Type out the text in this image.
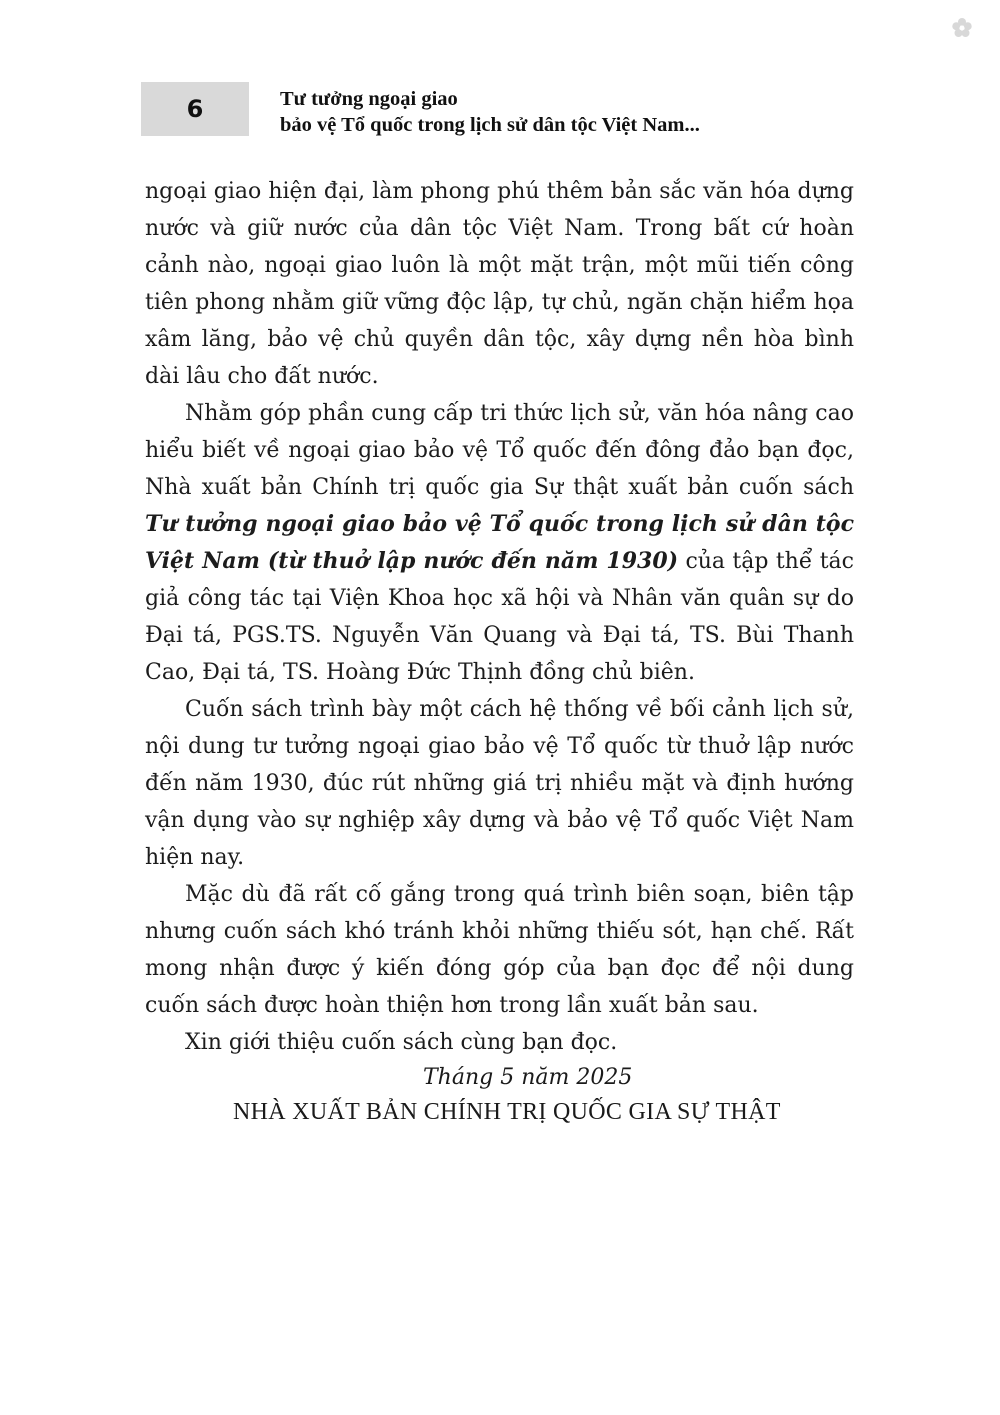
6	Tư tưởng ngoại giao
bảo vệ Tổ quốc trong lịch sử dân tộc Việt Nam...

ngoại giao hiện đại, làm phong phú thêm bản sắc văn hóa dựng nước và giữ nước của dân tộc Việt Nam. Trong bất cứ hoàn cảnh nào, ngoại giao luôn là một mặt trận, một mũi tiến công tiên phong nhằm giữ vững độc lập, tự chủ, ngăn chặn hiểm họa xâm lăng, bảo vệ chủ quyền dân tộc, xây dựng nền hòa bình dài lâu cho đất nước.

Nhằm góp phần cung cấp tri thức lịch sử, văn hóa nâng cao hiểu biết về ngoại giao bảo vệ Tổ quốc đến đông đảo bạn đọc, Nhà xuất bản Chính trị quốc gia Sự thật xuất bản cuốn sách Tư tưởng ngoại giao bảo vệ Tổ quốc trong lịch sử dân tộc Việt Nam (từ thuở lập nước đến năm 1930) của tập thể tác giả công tác tại Viện Khoa học xã hội và Nhân văn quân sự do Đại tá, PGS.TS. Nguyễn Văn Quang và Đại tá, TS. Bùi Thanh Cao, Đại tá, TS. Hoàng Đức Thịnh đồng chủ biên.

Cuốn sách trình bày một cách hệ thống về bối cảnh lịch sử, nội dung tư tưởng ngoại giao bảo vệ Tổ quốc từ thuở lập nước đến năm 1930, đúc rút những giá trị nhiều mặt và định hướng vận dụng vào sự nghiệp xây dựng và bảo vệ Tổ quốc Việt Nam hiện nay.

Mặc dù đã rất cố gắng trong quá trình biên soạn, biên tập nhưng cuốn sách khó tránh khỏi những thiếu sót, hạn chế. Rất mong nhận được ý kiến đóng góp của bạn đọc để nội dung cuốn sách được hoàn thiện hơn trong lần xuất bản sau.

Xin giới thiệu cuốn sách cùng bạn đọc.

Tháng 5 năm 2025
NHÀ XUẤT BẢN CHÍNH TRỊ QUỐC GIA SỰ THẬT
